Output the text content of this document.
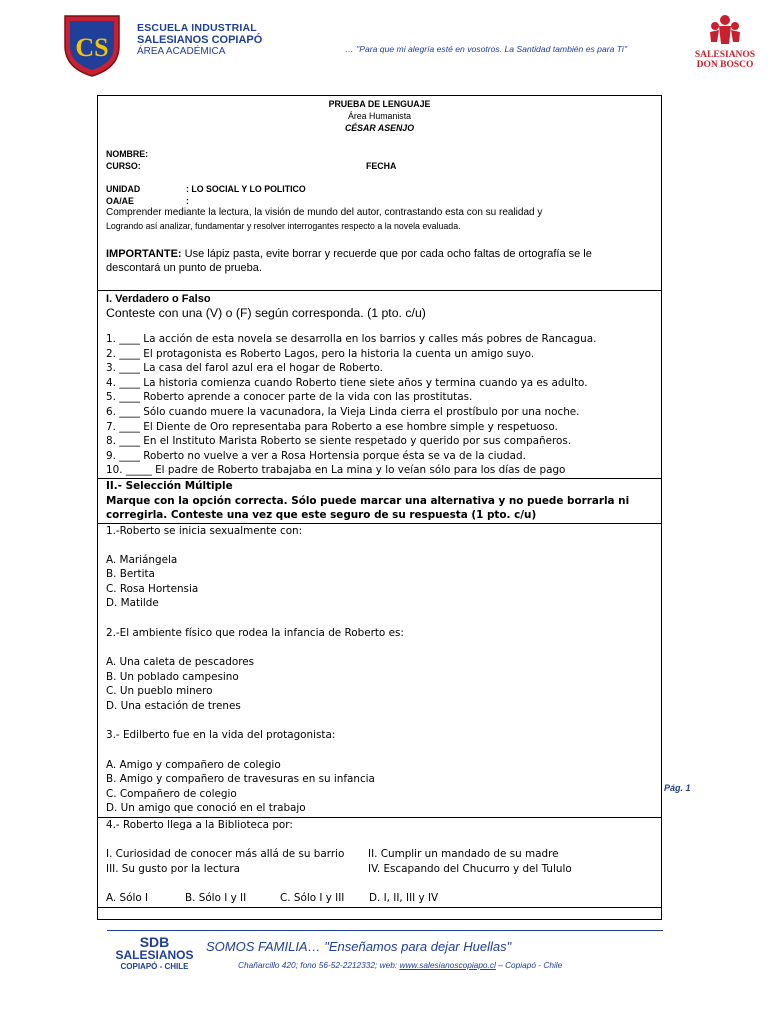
CS
ESCUELA INDUSTRIAL
SALESIANOS COPIAPÓ
ÁREA ACADÉMICA	… ''Para que mi alegría esté en vosotros. La Santidad también es para Ti''
SALESIANOS
DON BOSCO
PRUEBA DE LENGUAJE
Área Humanista
CÉSAR ASENJO
NOMBRE:
CURSO:	FECHA
UNIDAD	: LO SOCIAL Y LO POLITICO
OA/AE	:
Comprender mediante la lectura, la visión de mundo del autor, contrastando esta con su realidad y
Logrando así analizar, fundamentar y resolver interrogantes respecto a la novela evaluada.
IMPORTANTE: Use lápiz pasta, evite borrar y recuerde que por cada ocho faltas de ortografía se le
descontará un punto de prueba.
I. Verdadero o Falso
Conteste con una (V) o (F) según corresponda. (1 pto. c/u)
1. ____ La acción de esta novela se desarrolla en los barrios y calles más pobres de Rancagua.
2. ____ El protagonista es Roberto Lagos, pero la historia la cuenta un amigo suyo.
3. ____ La casa del farol azul era el hogar de Roberto.
4. ____ La historia comienza cuando Roberto tiene siete años y termina cuando ya es adulto.
5. ____ Roberto aprende a conocer parte de la vida con las prostitutas.
6. ____ Sólo cuando muere la vacunadora, la Vieja Linda cierra el prostíbulo por una noche.
7. ____ El Diente de Oro representaba para Roberto a ese hombre simple y respetuoso.
8. ____ En el Instituto Marista Roberto se siente respetado y querido por sus compañeros.
9. ____ Roberto no vuelve a ver a Rosa Hortensia porque ésta se va de la ciudad.
10. _____ El padre de Roberto trabajaba en La mina y lo veían sólo para los días de pago
II.- Selección Múltiple
Marque con la opción correcta. Sólo puede marcar una alternativa y no puede borrarla ni
corregirla. Conteste una vez que este seguro de su respuesta (1 pto. c/u)
1.-Roberto se inicia sexualmente con:
A. Mariángela
B. Bertita
C. Rosa Hortensia
D. Matilde
2.-El ambiente físico que rodea la infancia de Roberto es:
A. Una caleta de pescadores
B. Un poblado campesino
C. Un pueblo minero
D. Una estación de trenes
3.- Edilberto fue en la vida del protagonista:
A. Amigo y compañero de colegio
B. Amigo y compañero de travesuras en su infancia
C. Compañero de colegio
D. Un amigo que conoció en el trabajo
4.- Roberto llega a la Biblioteca por:
I. Curiosidad de conocer más allá de su barrio II. Cumplir un mandado de su madre
III. Su gusto por la lectura	IV. Escapando del Chucurro y del Tululo
A. Sólo I	B. Sólo I y II	C. Sólo I y III D. I, II, III y IV
Pág. 1
SDB
SALESIANOS
COPIAPÓ - CHILE
SOMOS FAMILIA… "Enseñamos para dejar Huellas"
Chañarcillo 420; fono 56-52-2212332; web: www.salesianoscopiapo.cl – Copiapó - Chile
